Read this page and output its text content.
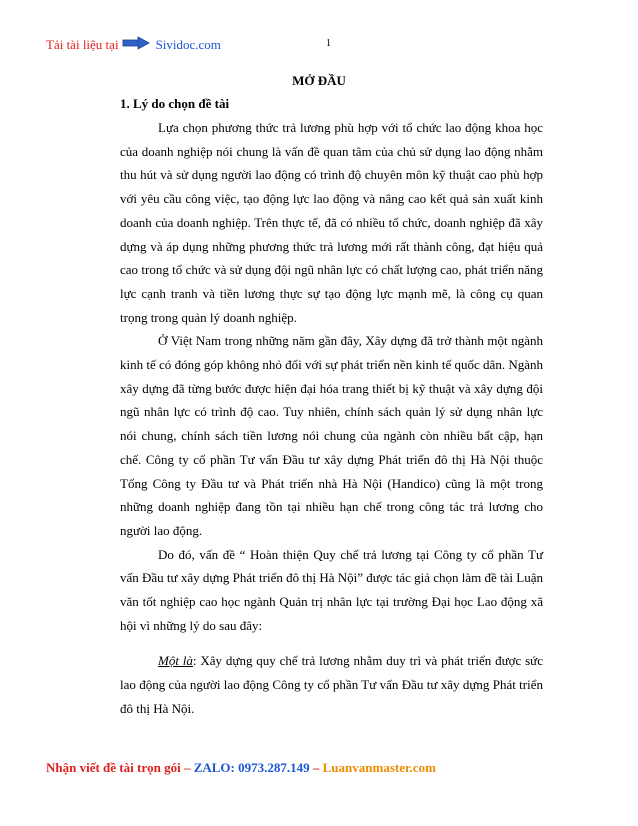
Tải tài liệu tại	Sividoc.com	1
MỞ ĐẦU
1. Lý do chọn đề tài

Lựa chọn phương thức trả lương phù hợp với tổ chức lao động khoa học của doanh nghiệp nói chung là vấn đề quan tâm của chủ sử dụng lao động nhằm thu hút và sử dụng người lao động có trình độ chuyên môn kỹ thuật cao phù hợp với yêu cầu công việc, tạo động lực lao động và nâng cao kết quả sản xuất kinh doanh của doanh nghiệp. Trên thực tế, đã có nhiều tổ chức, doanh nghiệp đã xây dựng và áp dụng những phương thức trả lương mới rất thành công, đạt hiệu quả cao trong tổ chức và sử dụng đội ngũ nhân lực có chất lượng cao, phát triển năng lực cạnh tranh và tiền lương thực sự tạo động lực mạnh mẽ, là công cụ quan trọng trong quản lý doanh nghiệp.

Ở Việt Nam trong những năm gần đây, Xây dựng đã trở thành một ngành kinh tế có đóng góp không nhỏ đối với sự phát triển nền kinh tế quốc dân. Ngành xây dựng đã từng bước được hiện đại hóa trang thiết bị kỹ thuật và xây dựng đội ngũ nhân lực có trình độ cao. Tuy nhiên, chính sách quản lý sử dụng nhân lực nói chung, chính sách tiền lương nói chung của ngành còn nhiều bất cập, hạn chế. Công ty cổ phần Tư vấn Đầu tư xây dựng Phát triển đô thị Hà Nội thuộc Tổng Công ty Đầu tư và Phát triển nhà Hà Nội (Handico) cũng là một trong những doanh nghiệp đang tồn tại nhiều hạn chế trong công tác trả lương cho người lao động.

Do đó, vấn đề “ Hoàn thiện Quy chế trả lương tại Công ty cổ phần Tư vấn Đầu tư xây dựng Phát triển đô thị Hà Nội” được tác giả chọn làm đề tài Luận văn tốt nghiệp cao học ngành Quản trị nhân lực tại trường Đại học Lao động xã hội vì những lý do sau đây:

Một là: Xây dựng quy chế trả lương nhằm duy trì và phát triển được sức lao động của người lao động Công ty cổ phần Tư vấn Đầu tư xây dựng Phát triển đô thị Hà Nội.

Nhận viết đề tài trọn gói – ZALO: 0973.287.149 – Luanvanmaster.com
